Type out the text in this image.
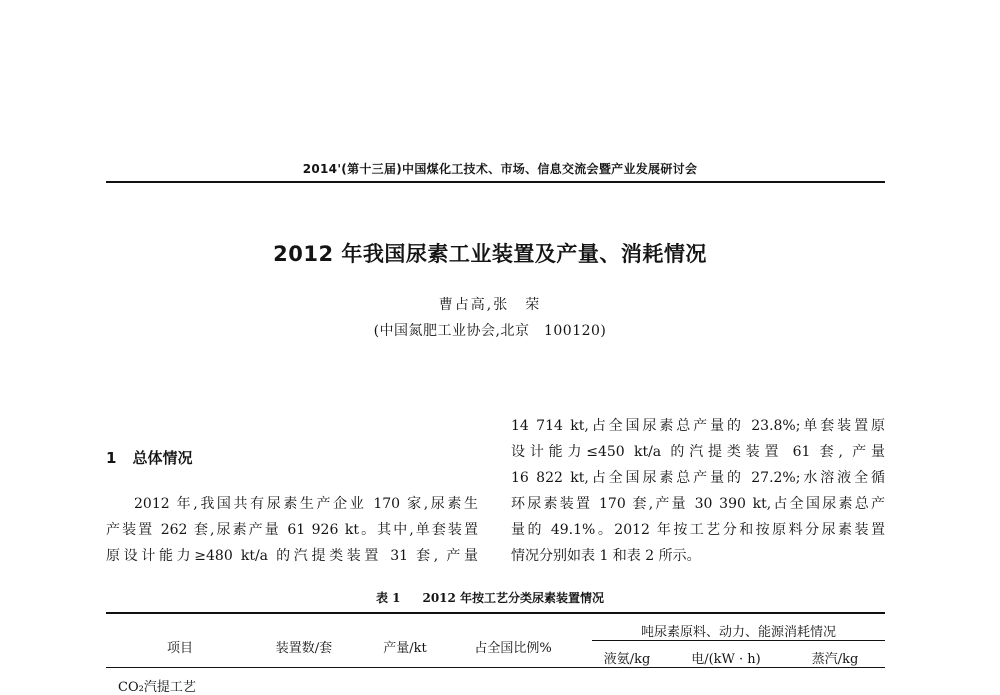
2014'(第十三届)中国煤化工技术、市场、信息交流会暨产业发展研讨会
2012 年我国尿素工业装置及产量、消耗情况
曹占高,张　荣
(中国氮肥工业协会,北京　100120)
1 总体情况

2012 年,我国共有尿素生产企业 170 家,尿素生

产装置 262 套,尿素产量 61 926 kt。其中,单套装置

原设计能力≥480 kt/a 的汽提类装置 31 套, 产量

14 714 kt,占全国尿素总产量的 23.8%;单套装置原

设计能力≤450 kt/a 的汽提类装置 61 套, 产量

16 822 kt,占全国尿素总产量的 27.2%;水溶液全循

环尿素装置 170 套,产量 30 390 kt,占全国尿素总产

量的 49.1%。2012 年按工艺分和按原料分尿素装置

情况分别如表 1 和表 2 所示。

表 1 2012 年按工艺分类尿素装置情况
项目	装置数/套	产量/kt	占全国比例%
吨尿素原料、动力、能源消耗情况
液氨/kg	电/(kW · h)	蒸汽/kg
CO₂汽提工艺
